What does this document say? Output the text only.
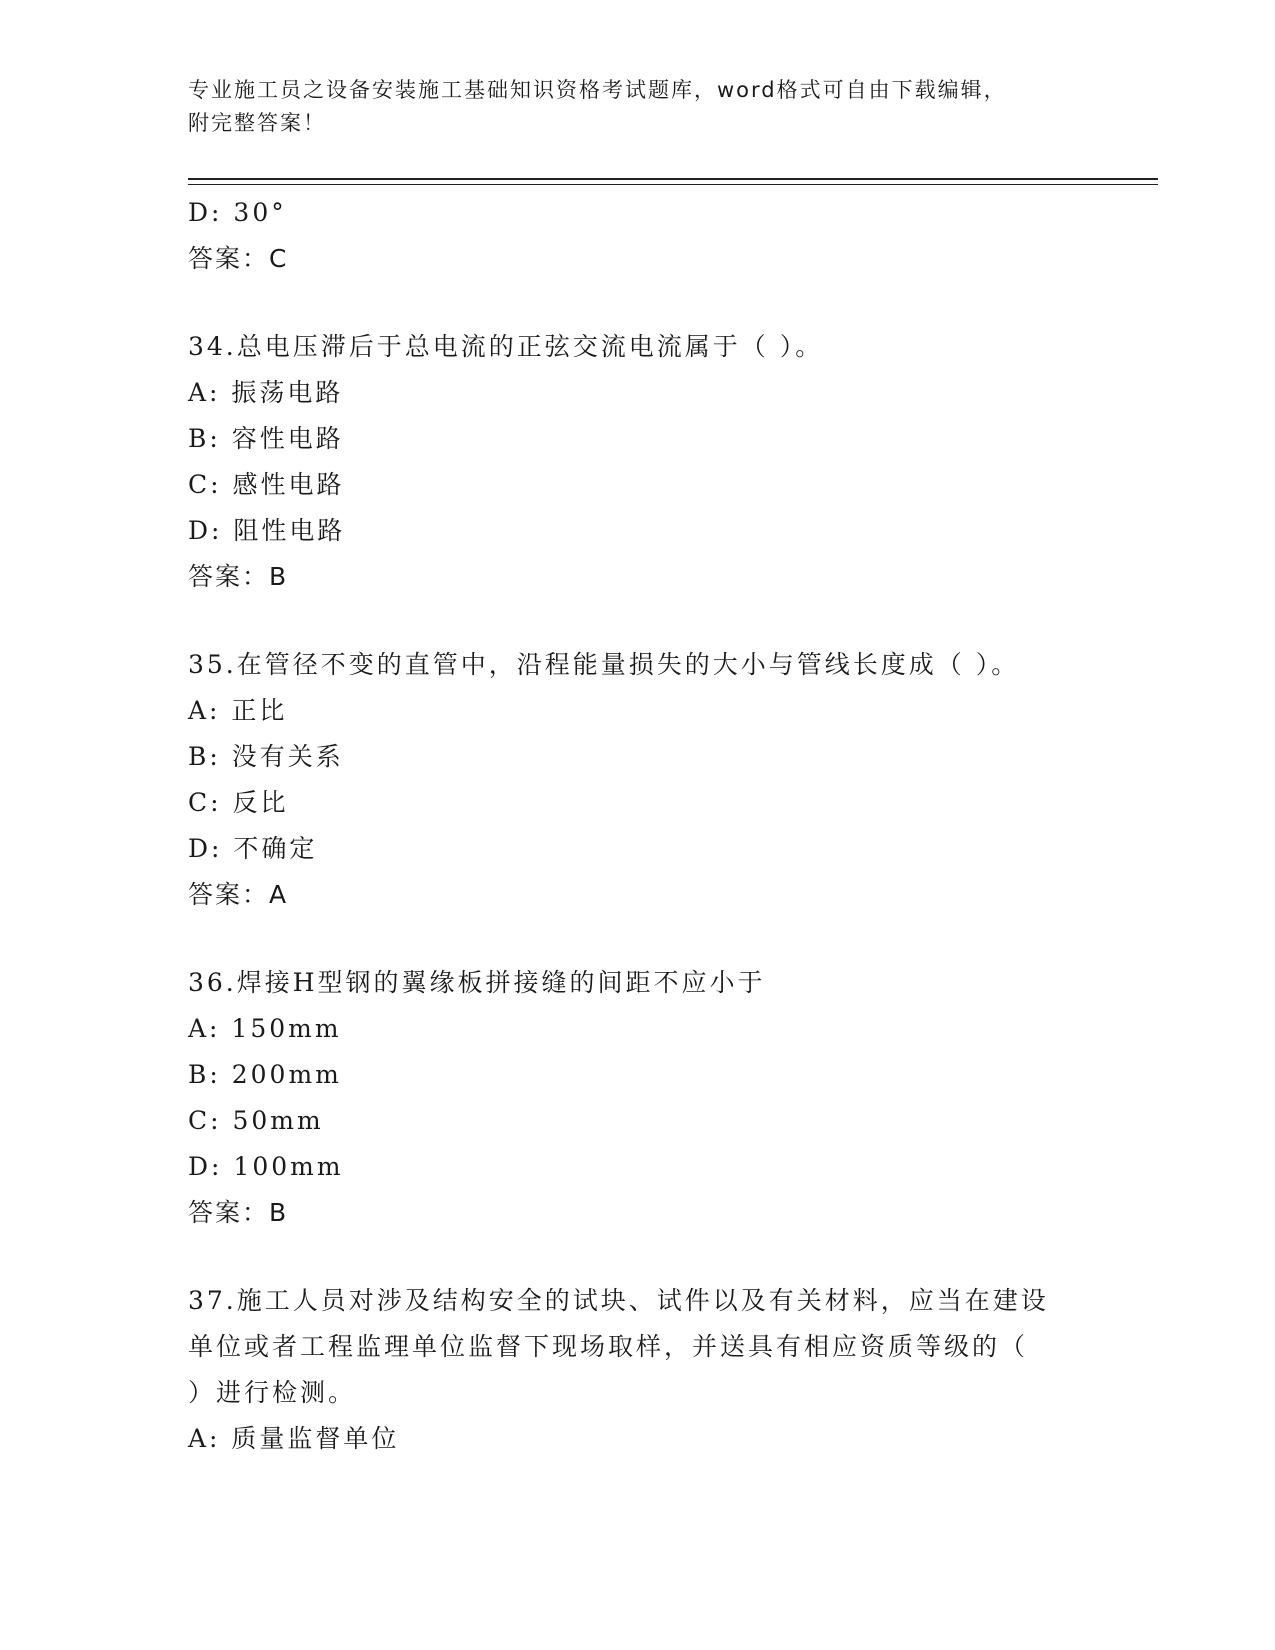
专业施工员之设备安装施工基础知识资格考试题库，word格式可自由下载编辑，
附完整答案！
D: 30°
答案：C
34.总电压滞后于总电流的正弦交流电流属于（ ）。
A: 振荡电路
B: 容性电路
C: 感性电路
D: 阻性电路
答案：B
35.在管径不变的直管中，沿程能量损失的大小与管线长度成（ ）。
A: 正比
B: 没有关系
C: 反比
D: 不确定
答案：A
36.焊接H型钢的翼缘板拼接缝的间距不应小于
A: 150mm
B: 200mm
C: 50mm
D: 100mm
答案：B
37.施工人员对涉及结构安全的试块、试件以及有关材料，应当在建设
单位或者工程监理单位监督下现场取样，并送具有相应资质等级的（
）进行检测。
A: 质量监督单位
